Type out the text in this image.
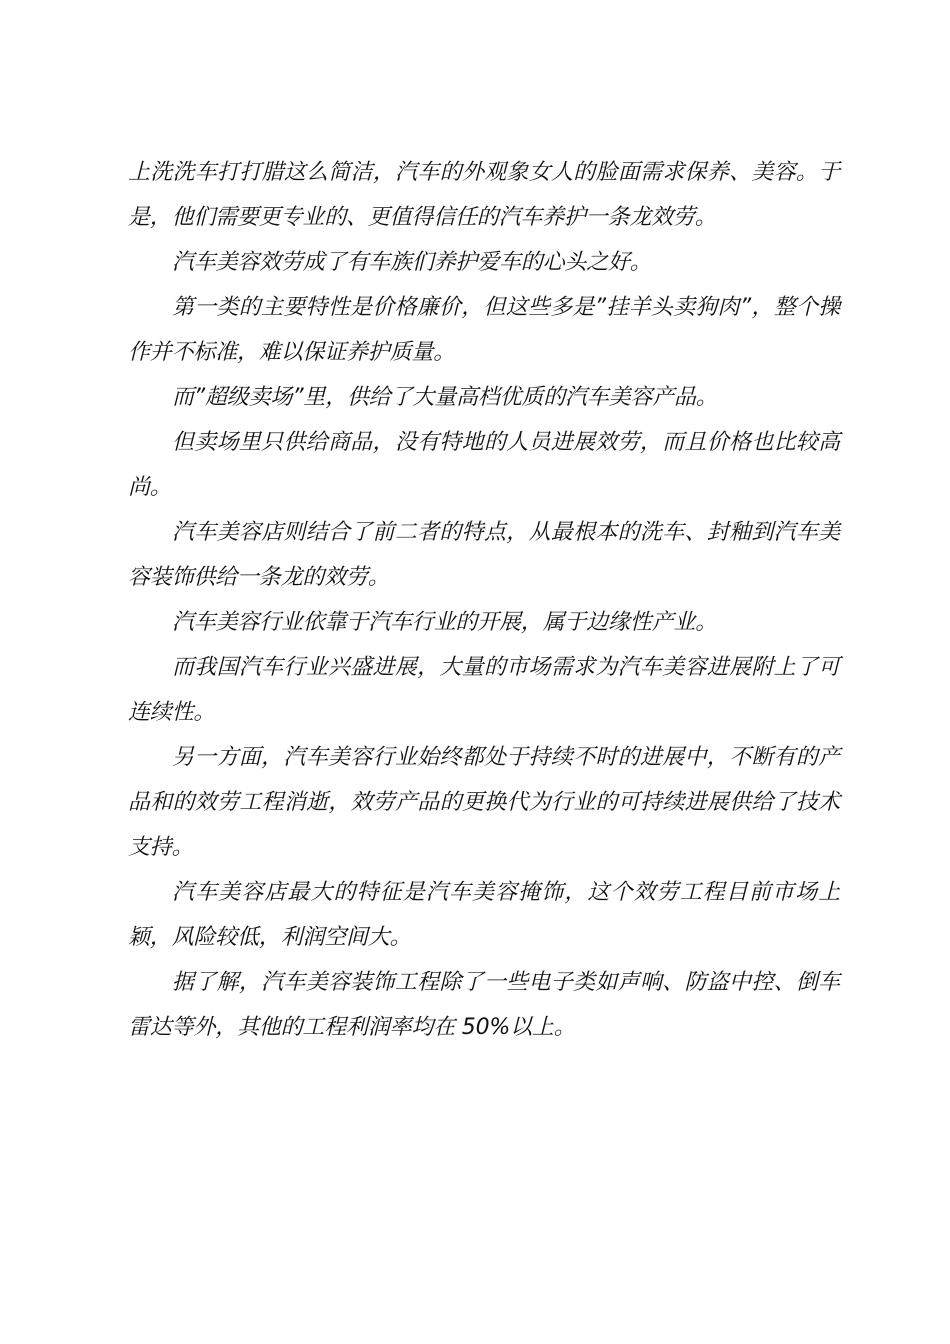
上洗洗车打打腊这么简洁，汽车的外观象女人的脸面需求保养、美容。于是，他们需要更专业的、更值得信任的汽车养护一条龙效劳。

汽车美容效劳成了有车族们养护爱车的心头之好。

第一类的主要特性是价格廉价，但这些多是”挂羊头卖狗肉”，整个操作并不标准，难以保证养护质量。

而”超级卖场”里，供给了大量高档优质的汽车美容产品。

但卖场里只供给商品，没有特地的人员进展效劳，而且价格也比较高尚。

汽车美容店则结合了前二者的特点，从最根本的洗车、封釉到汽车美容装饰供给一条龙的效劳。

汽车美容行业依靠于汽车行业的开展，属于边缘性产业。

而我国汽车行业兴盛进展，大量的市场需求为汽车美容进展附上了可连续性。

另一方面，汽车美容行业始终都处于持续不时的进展中，不断有的产品和的效劳工程消逝，效劳产品的更换代为行业的可持续进展供给了技术支持。

汽车美容店最大的特征是汽车美容掩饰，这个效劳工程目前市场上颖，风险较低，利润空间大。

据了解，汽车美容装饰工程除了一些电子类如声响、防盗中控、倒车雷达等外，其他的工程利润率均在 50%以上。
